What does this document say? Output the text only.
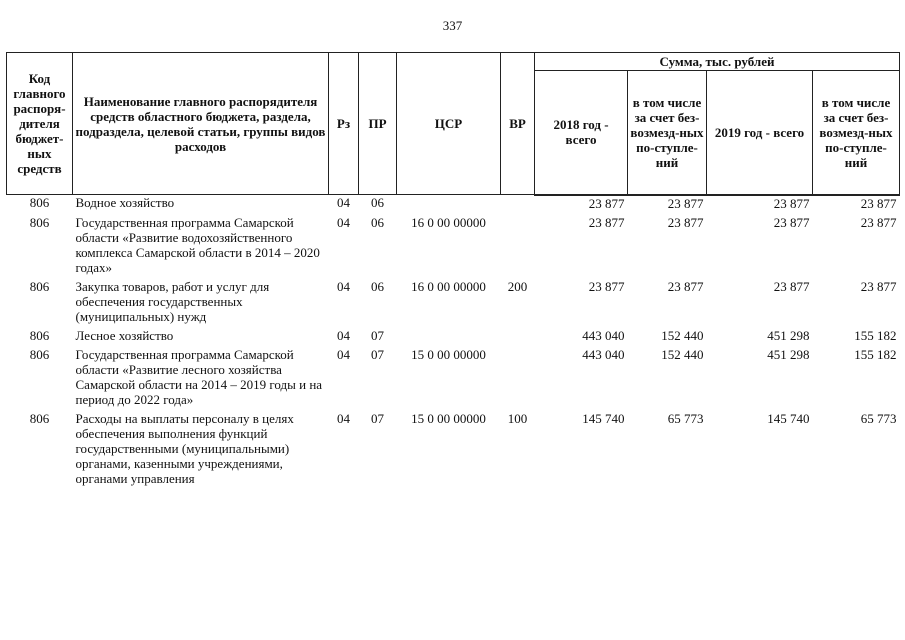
337
Код главного распоря-дителя бюджет-ных средств	Наименование главного распорядителя средств областного бюджета, раздела, подраздела, целевой статьи, группы видов расходов	Рз	ПР	ЦСР	ВР	Сумма, тыс. рублей			
						2018 год - всего	в том числе за счет без-возмезд-ных по-ступле-ний	2019 год - всего	в том числе за счет без-возмезд-ных по-ступле-ний
806	Водное хозяйство	04	06			23 877	23 877	23 877	23 877
806	Государственная программа Самарской области «Развитие водохозяйственного комплекса Самарской области в 2014 – 2020 годах»	04	06	16 0 00 00000		23 877	23 877	23 877	23 877
806	Закупка товаров, работ и услуг для обеспечения государственных (муниципальных) нужд	04	06	16 0 00 00000	200	23 877	23 877	23 877	23 877
806	Лесное хозяйство	04	07			443 040	152 440	451 298	155 182
806	Государственная программа Самарской области «Развитие лесного хозяйства Самарской области на 2014 – 2019 годы и на период до 2022 года»	04	07	15 0 00 00000		443 040	152 440	451 298	155 182
806	Расходы на выплаты персоналу в целях обеспечения выполнения функций государственными (муниципальными) органами, казенными учреждениями, органами управления	04	07	15 0 00 00000	100	145 740	65 773	145 740	65 773
